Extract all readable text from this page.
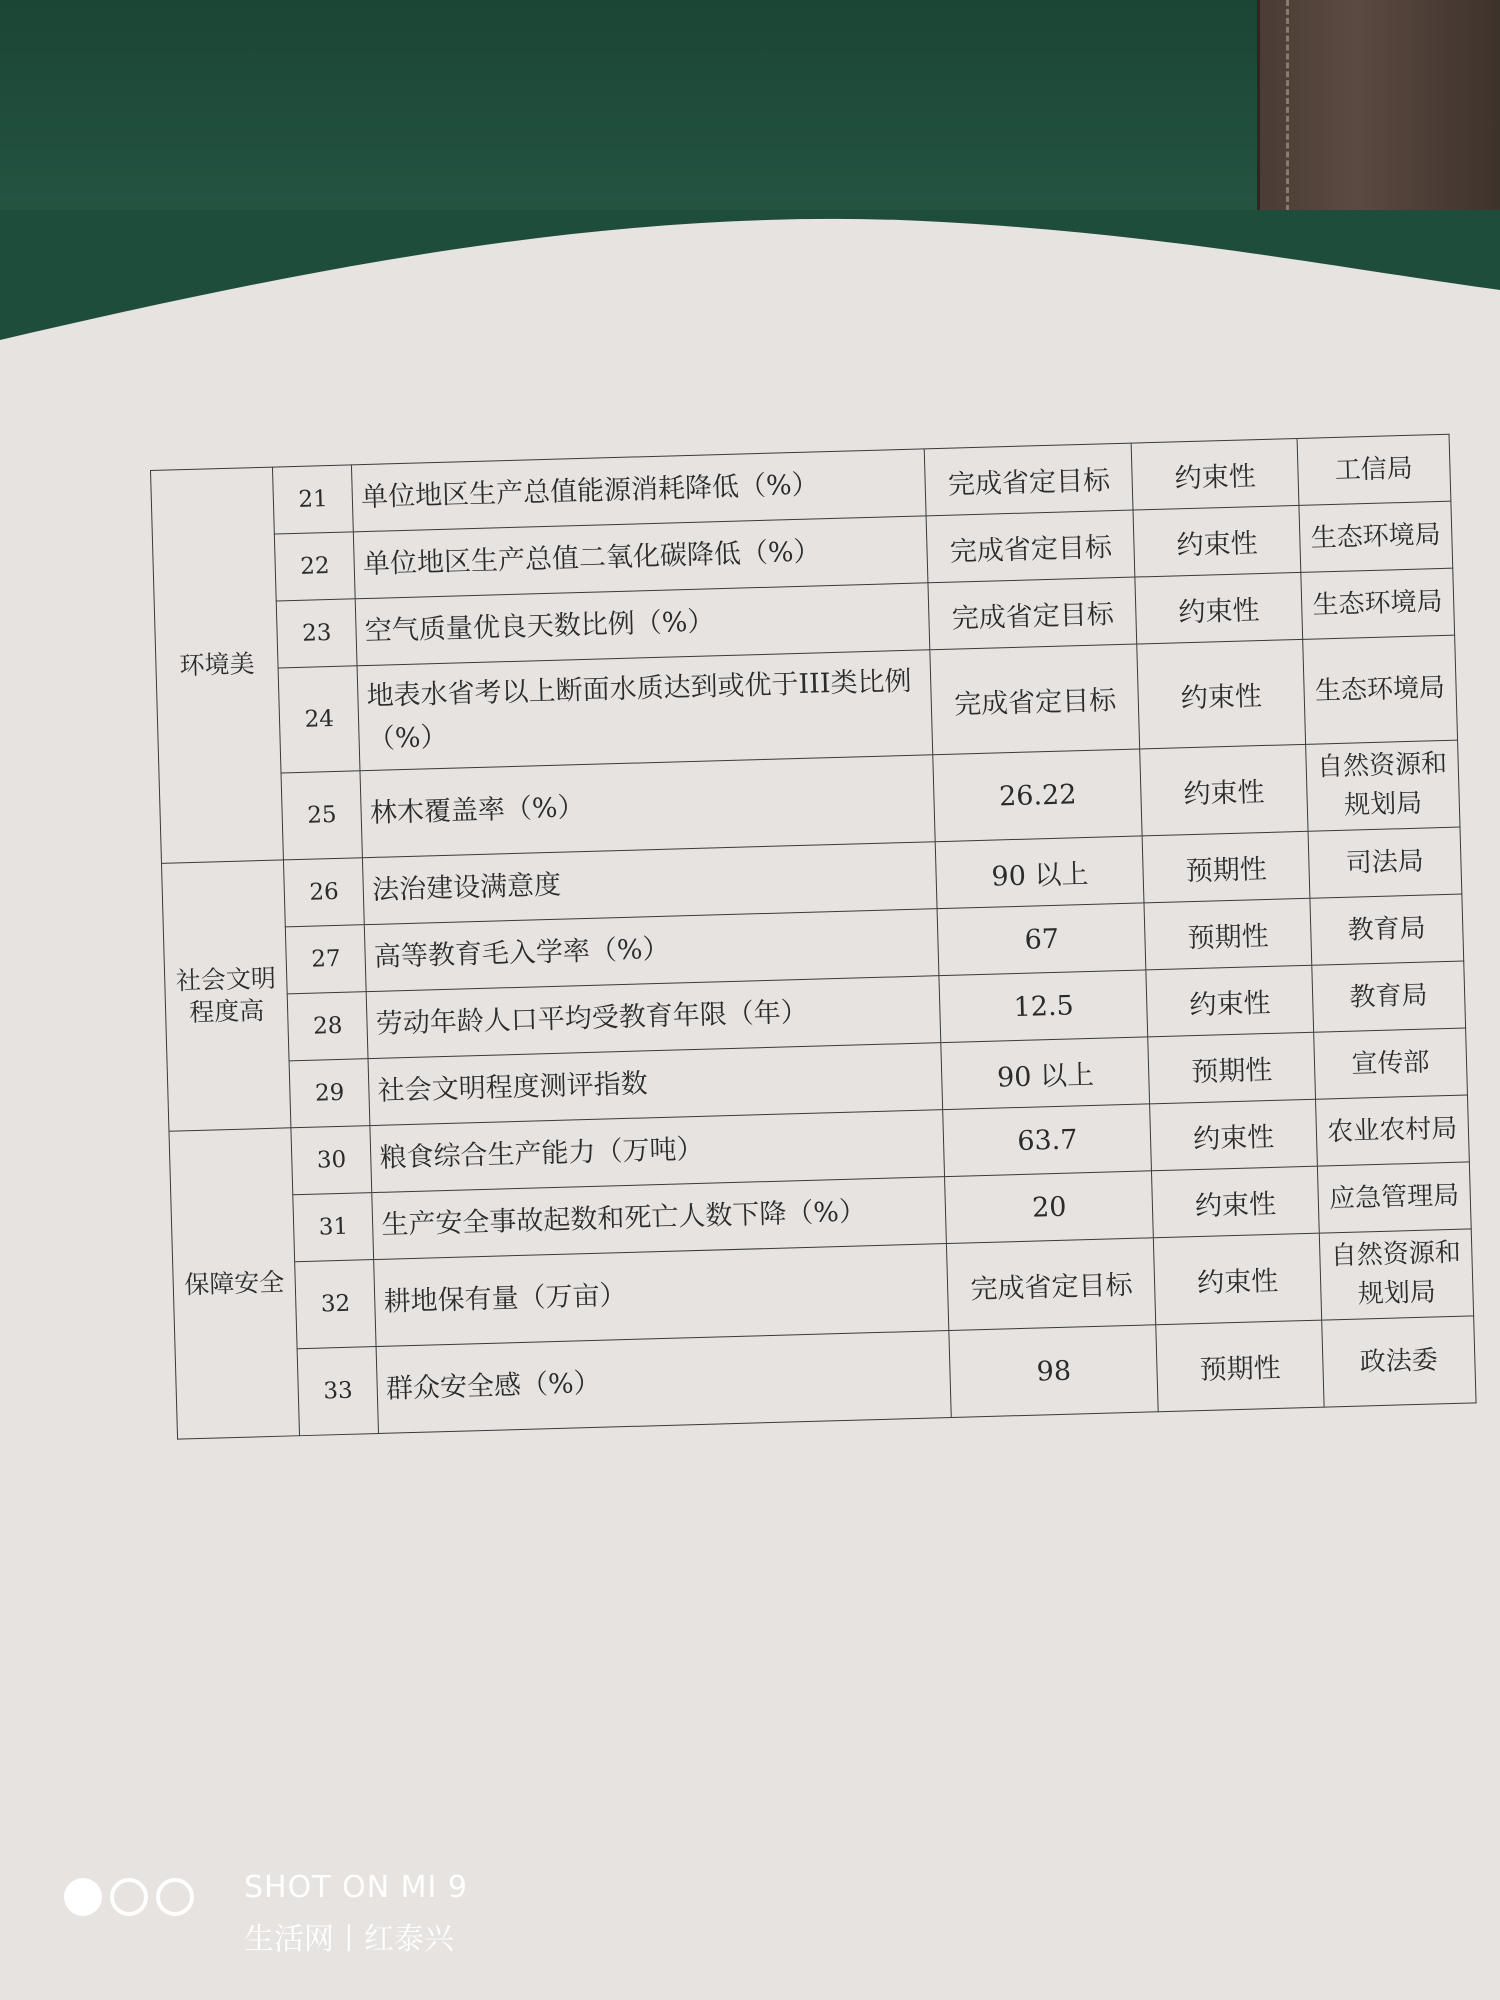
环境美	21	单位地区生产总值能源消耗降低（%）	完成省定目标	约束性	工信局
	22	单位地区生产总值二氧化碳降低（%）	完成省定目标	约束性	生态环境局
	23	空气质量优良天数比例（%）	完成省定目标	约束性	生态环境局
	24	地表水省考以上断面水质达到或优于III类比例（%）	完成省定目标	约束性	生态环境局
	25	林木覆盖率（%）	26.22	约束性	自然资源和规划局
社会文明程度高	26	法治建设满意度	90 以上	预期性	司法局
	27	高等教育毛入学率（%）	67	预期性	教育局
	28	劳动年龄人口平均受教育年限（年）	12.5	约束性	教育局
	29	社会文明程度测评指数	90 以上	预期性	宣传部
保障安全	30	粮食综合生产能力（万吨）	63.7	约束性	农业农村局
	31	生产安全事故起数和死亡人数下降（%）	20	约束性	应急管理局
	32	耕地保有量（万亩）	完成省定目标	约束性	自然资源和规划局
	33	群众安全感（%）	98	预期性	政法委
SHOT ON MI 9
生活网丨红泰兴
